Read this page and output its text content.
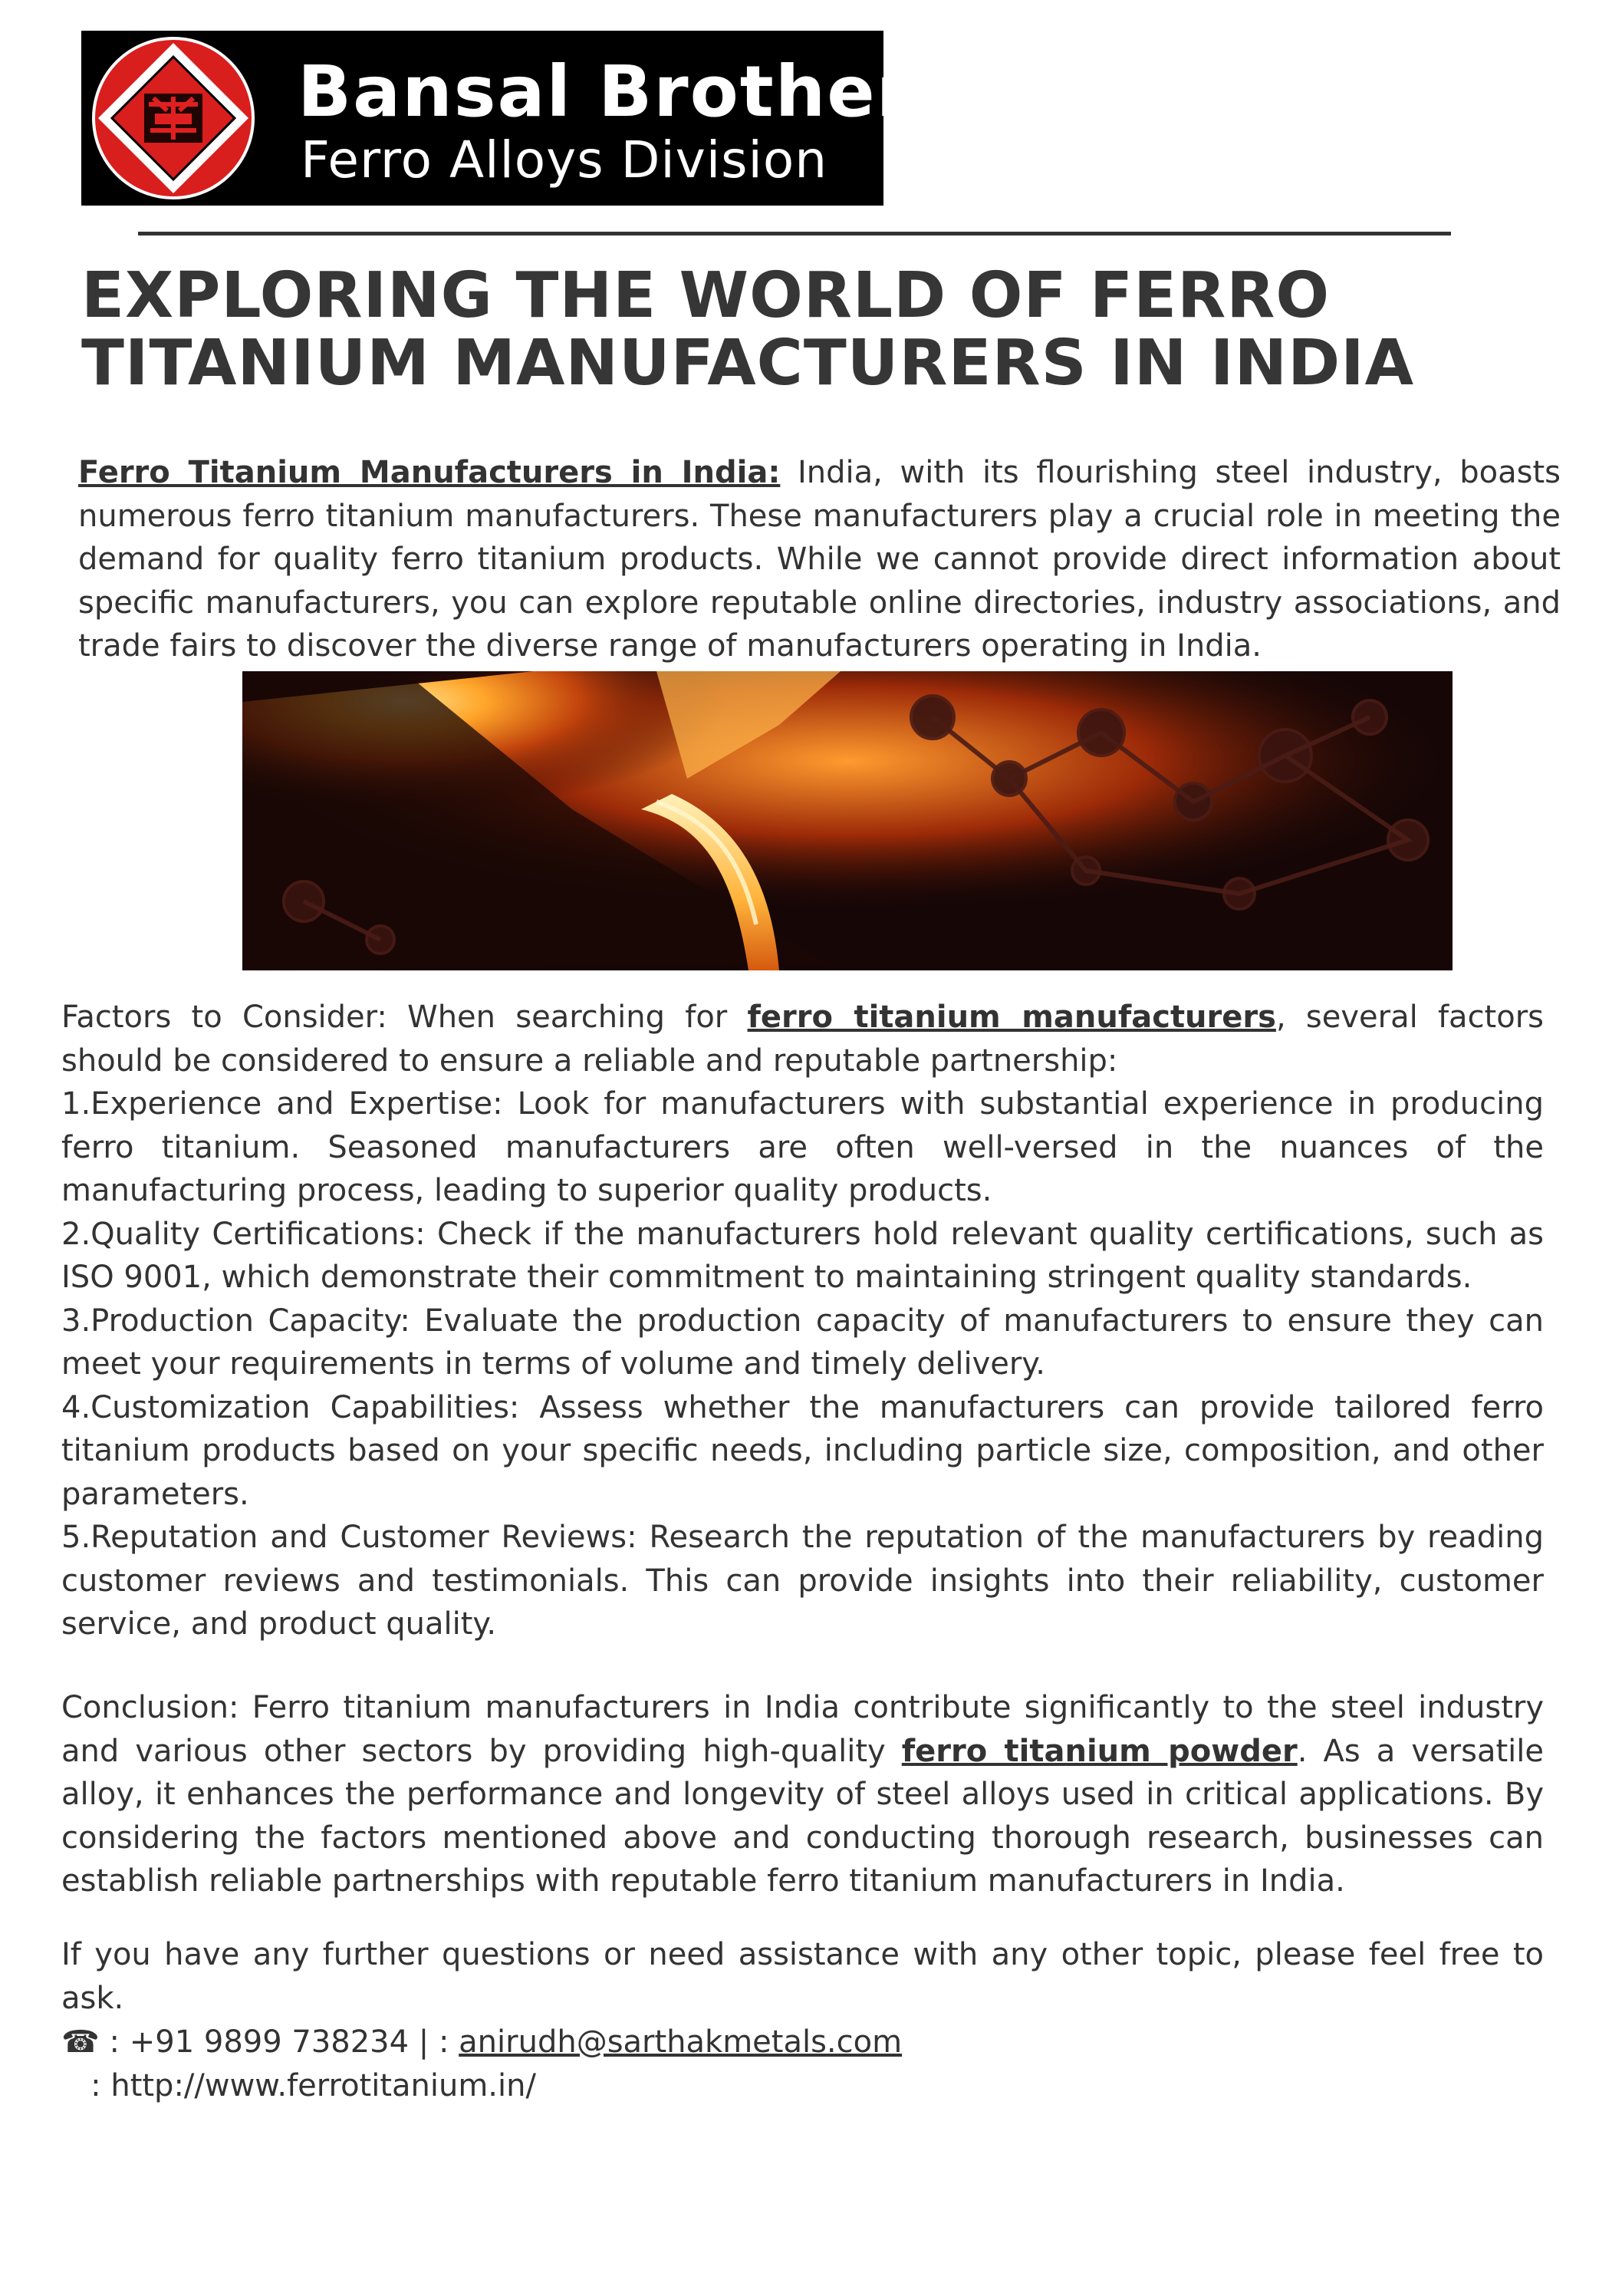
Bansal Brothers
Ferro Alloys Division
EXPLORING THE WORLD OF FERRO TITANIUM MANUFACTURERS IN INDIA

Ferro Titanium Manufacturers in India: India, with its flourishing steel industry, boasts numerous ferro titanium manufacturers. These manufacturers play a crucial role in meeting the demand for quality ferro titanium products. While we cannot provide direct information about specific manufacturers, you can explore reputable online directories, industry associations, and trade fairs to discover the diverse range of manufacturers operating in India.

Factors to Consider: When searching for ferro titanium manufacturers, several factors should be considered to ensure a reliable and reputable partnership:
1.Experience and Expertise: Look for manufacturers with substantial experience in producing ferro titanium. Seasoned manufacturers are often well-versed in the nuances of the manufacturing process, leading to superior quality products.
2.Quality Certifications: Check if the manufacturers hold relevant quality certifications, such as ISO 9001, which demonstrate their commitment to maintaining stringent quality standards.
3.Production Capacity: Evaluate the production capacity of manufacturers to ensure they can meet your requirements in terms of volume and timely delivery.
4.Customization Capabilities: Assess whether the manufacturers can provide tailored ferro titanium products based on your specific needs, including particle size, composition, and other parameters.
5.Reputation and Customer Reviews: Research the reputation of the manufacturers by reading customer reviews and testimonials. This can provide insights into their reliability, customer service, and product quality.

Conclusion: Ferro titanium manufacturers in India contribute significantly to the steel industry and various other sectors by providing high-quality ferro titanium powder. As a versatile alloy, it enhances the performance and longevity of steel alloys used in critical applications. By considering the factors mentioned above and conducting thorough research, businesses can establish reliable partnerships with reputable ferro titanium manufacturers in India.

If you have any further questions or need assistance with any other topic, please feel free to ask.

☎ : +91 9899 738234 | : anirudh@sarthakmetals.com
: http://www.ferrotitanium.in/
